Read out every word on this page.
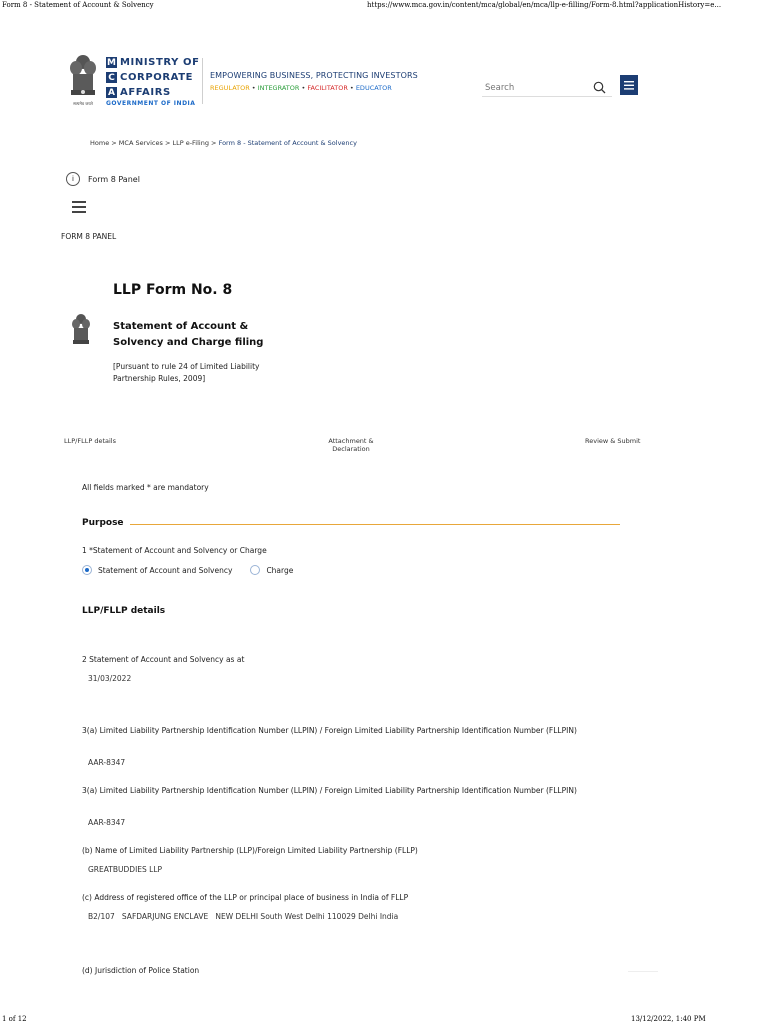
Form 8 - Statement of Account & Solvency	https://www.mca.gov.in/content/mca/global/en/mca/llp-e-filling/Form-8.html?applicationHistory=e...
1 of 12	13/12/2022, 1:40 PM
सत्यमेव जयते
M MINISTRY OF
C CORPORATE
A AFFAIRS
GOVERNMENT OF INDIA
EMPOWERING BUSINESS, PROTECTING INVESTORS
REGULATOR • INTEGRATOR • FACILITATOR • EDUCATOR
Search
Home > MCA Services > LLP e-Filing > Form 8 - Statement of Account & Solvency
i	Form 8 Panel
FORM 8 PANEL
LLP Form No. 8
Statement of Account & Solvency and Charge filing
[Pursuant to rule 24 of Limited Liability Partnership Rules, 2009]
LLP/FLLP details	Attachment & Declaration
Review & Submit
All fields marked * are mandatory
Purpose
1 *Statement of Account and Solvency or Charge
Statement of Account and Solvency	Charge
LLP/FLLP details
2 Statement of Account and Solvency as at
31/03/2022
3(a) Limited Liability Partnership Identification Number (LLPIN) / Foreign Limited Liability Partnership Identification Number (FLLPIN)
AAR-8347
3(a) Limited Liability Partnership Identification Number (LLPIN) / Foreign Limited Liability Partnership Identification Number (FLLPIN)
AAR-8347
(b) Name of Limited Liability Partnership (LLP)/Foreign Limited Liability Partnership (FLLP)
GREATBUDDIES LLP
(c) Address of registered office of the LLP or principal place of business in India of FLLP
B2/107   SAFDARJUNG ENCLAVE   NEW DELHI South West Delhi 110029 Delhi India
(d) Jurisdiction of Police Station
